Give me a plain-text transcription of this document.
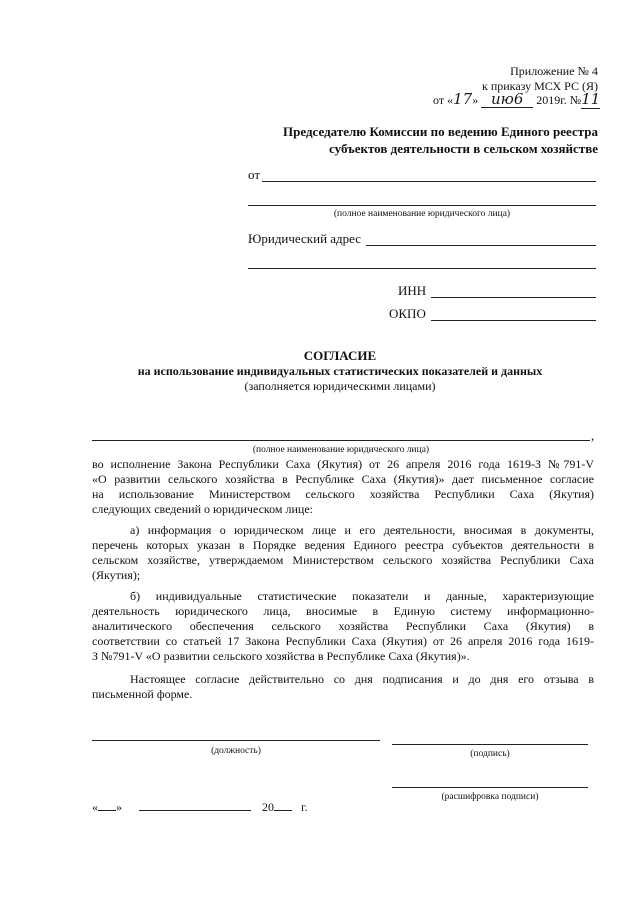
Приложение № 4
к приказу МСХ РС (Я)
от «17» ию6 2019г. №11
Председателю Комиссии по ведению Единого реестра
субъектов деятельности в сельском хозяйстве
от
(полное наименование юридического лица)
Юридический адрес
ИНН
ОКПО
СОГЛАСИЕ
на использование индивидуальных статистических показателей и данных
(заполняется юридическими лицами)
,
(полное наименование юридического лица)

во исполнение Закона Республики Саха (Якутия) от 26 апреля 2016 года 1619-З №791-V

«О развитии сельского хозяйства в Республике Саха (Якутия)» дает письменное согласие

на использование Министерством сельского хозяйства Республики Саха (Якутия)

следующих сведений о юридическом лице:

а) информация о юридическом лице и его деятельности, вносимая в документы,

перечень которых указан в Порядке ведения Единого реестра субъектов деятельности в

сельском хозяйстве, утверждаемом Министерством сельского хозяйства Республики Саха

(Якутия);

б) индивидуальные статистические показатели и данные, характеризующие

деятельность юридического лица, вносимые в Единую систему информационно-

аналитического обеспечения сельского хозяйства Республики Саха (Якутия) в

соответствии со статьей 17 Закона Республики Саха (Якутия) от 26 апреля 2016 года 1619-

З №791-V «О развитии сельского хозяйства в Республике Саха (Якутия)».

Настоящее согласие действительно со дня подписания и до дня его отзыва в

письменной форме.

(должность)	(подпись)
(расшифровка подписи)
« »	20 г.
